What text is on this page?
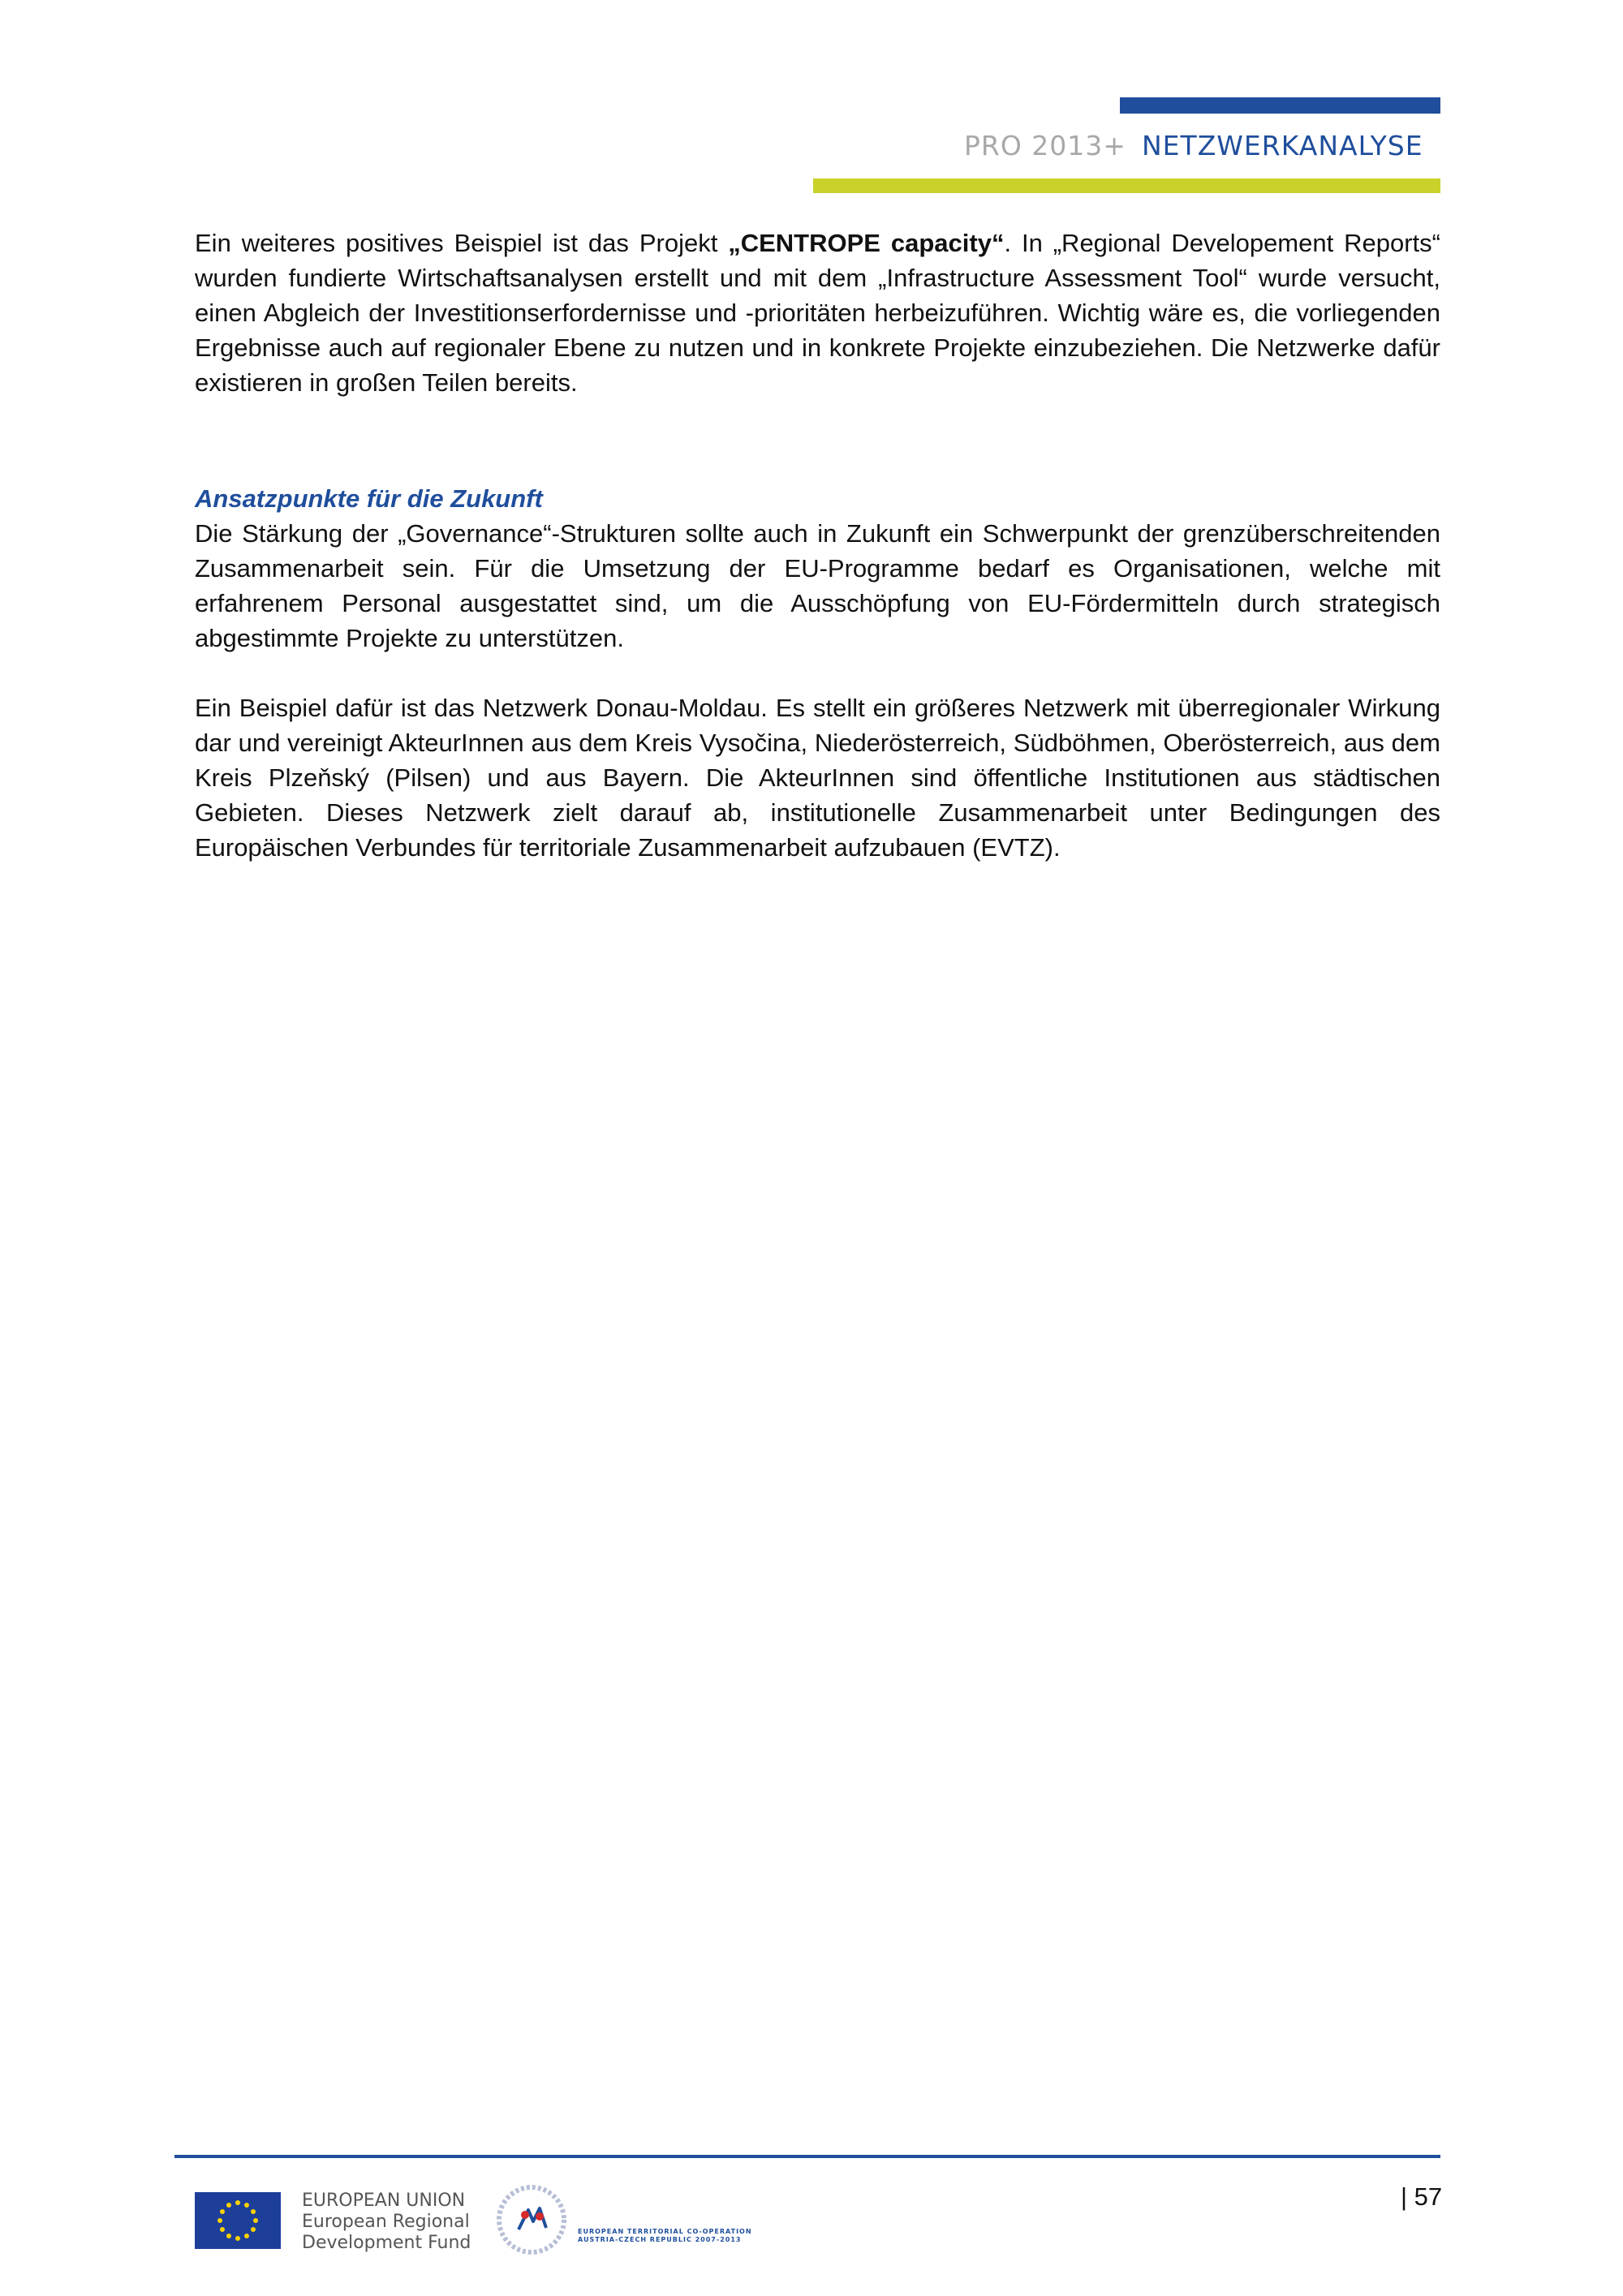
PRO 2013+ NETZWERKANALYSE

Ein weiteres positives Beispiel ist das Projekt „CENTROPE capacity“. In „Regional Developement Reports“ wurden fundierte Wirtschaftsanalysen erstellt und mit dem „Infrastructure Assessment Tool“ wurde versucht, einen Abgleich der Investitionserfordernisse und -prioritäten herbeizuführen. Wichtig wäre es, die vorliegenden Ergebnisse auch auf regionaler Ebene zu nutzen und in konkrete Projekte einzubeziehen. Die Netzwerke dafür existieren in großen Teilen bereits.

Ansatzpunkte für die Zukunft

Die Stärkung der „Governance“-Strukturen sollte auch in Zukunft ein Schwerpunkt der grenzüberschreitenden Zusammenarbeit sein. Für die Umsetzung der EU-Programme bedarf es Organisationen, welche mit erfahrenem Personal ausgestattet sind, um die Ausschöpfung von EU-Fördermitteln durch strategisch abgestimmte Projekte zu unterstützen.

Ein Beispiel dafür ist das Netzwerk Donau-Moldau. Es stellt ein größeres Netzwerk mit überregionaler Wirkung dar und vereinigt AkteurInnen aus dem Kreis Vysočina, Niederösterreich, Südböhmen, Oberösterreich, aus dem Kreis Plzeňský (Pilsen) und aus Bayern. Die AkteurInnen sind öffentliche Institutionen aus städtischen Gebieten. Dieses Netzwerk zielt darauf ab, institutionelle Zusammenarbeit unter Bedingungen des Europäischen Verbundes für territoriale Zusammenarbeit aufzubauen (EVTZ).

EUROPEAN UNION
European Regional
Development Fund
EUROPEAN TERRITORIAL CO-OPERATION
AUSTRIA-CZECH REPUBLIC 2007-2013
| 57
